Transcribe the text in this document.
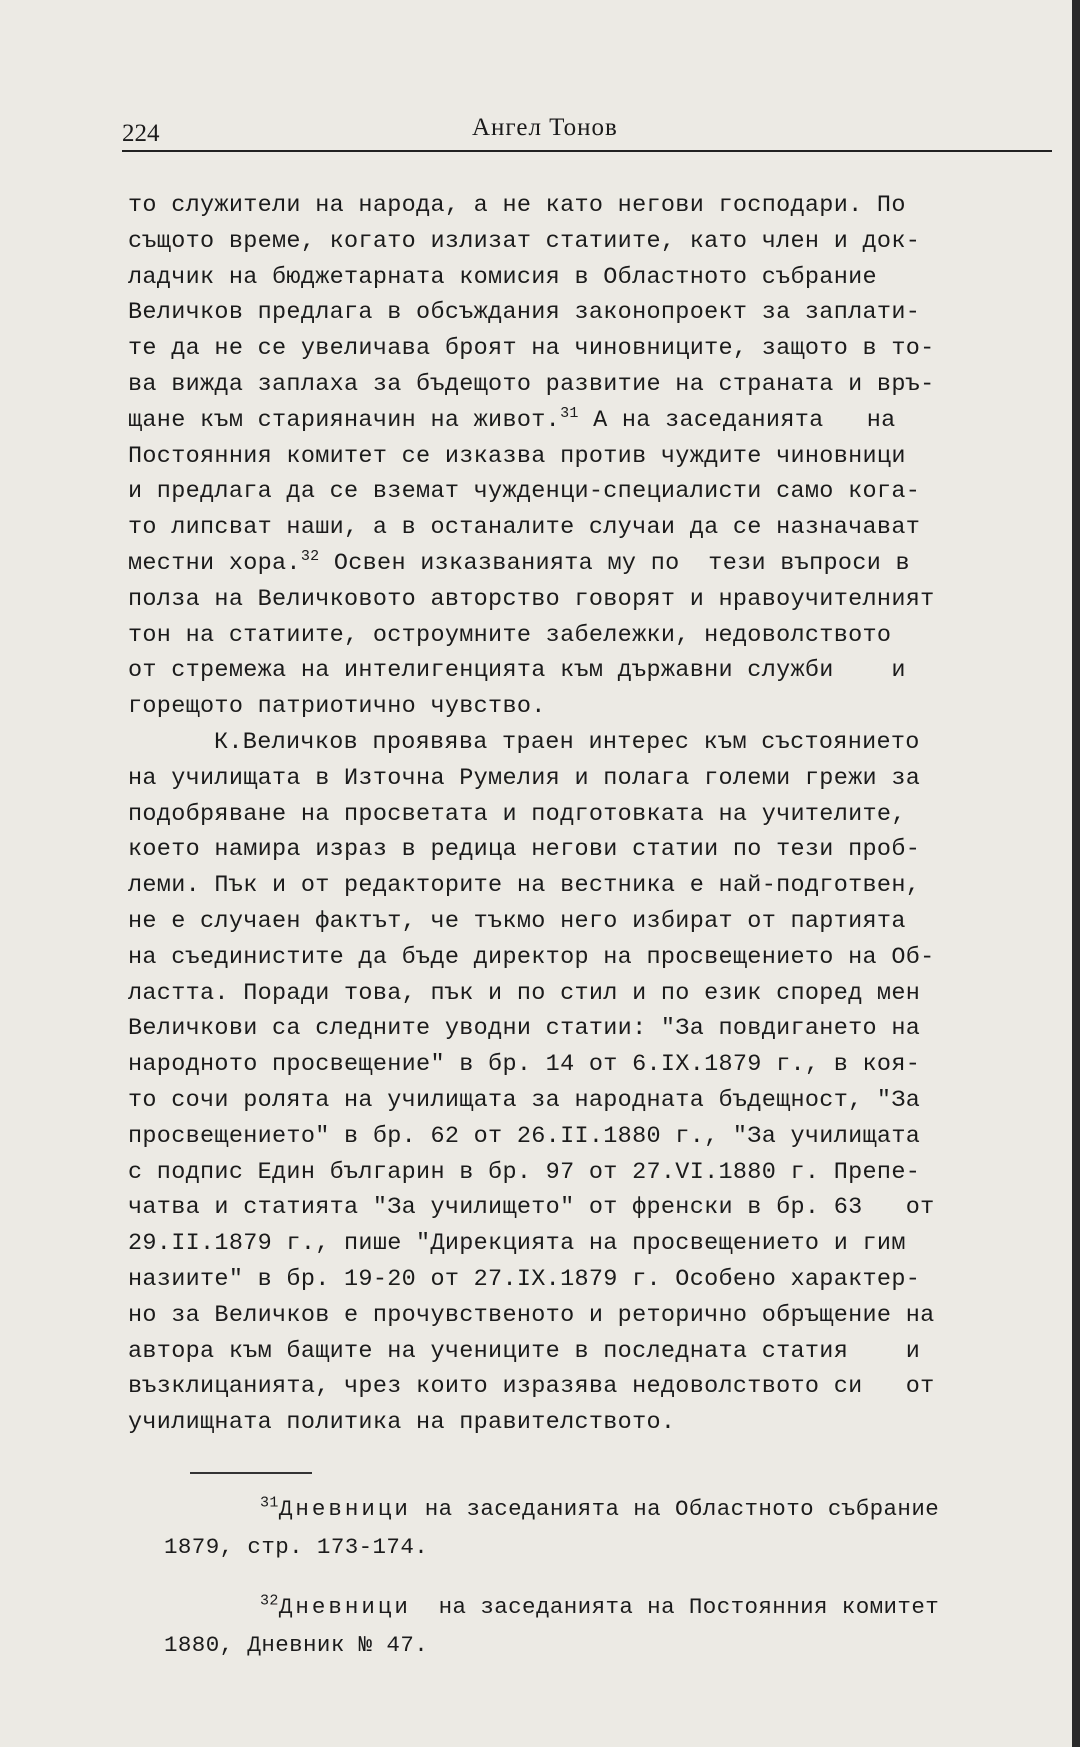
224	Ангел Тонов
то служители на народа, а не като негови господари. По
същото време, когато излизат статиите, като член и док-
ладчик на бюджетарната комисия в Областното събрание
Величков предлага в обсъждания законопроект за заплати-
те да не се увеличава броят на чиновниците, защото в то-
ва вижда заплаха за бъдещото развитие на страната и връ-
щане към старияначин на живот.$^{31}$ А на заседанията   на
Постоянния комитет се изказва против чуждите чиновници
и предлага да се вземат чужденци-специалисти само кога-
то липсват наши, а в останалите случаи да се назначават
местни хора.$^{32}$ Освен изказванията му по  тези въпроси в
полза на Величковото авторство говорят и нравоучителният
тон на статиите, остроумните забележки, недоволството
от стремежа на интелигенцията към държавни служби    и
горещото патриотично чувство.
К.Величков проявява траен интерес към състоянието
на училищата в Източна Румелия и полага големи грежи за
подобряване на просветата и подготовката на учителите,
което намира израз в редица негови статии по тези проб-
леми. Пък и от редакторите на вестника е най-подготвен,
не е случаен фактът, че тъкмо него избират от партията
на съединистите да бъде директор на просвещението на Об-
ластта. Поради това, пък и по стил и по език според мен
Величкови са следните уводни статии: "За повдигането на
народното просвещение" в бр. 14 от 6.IX.1879 г., в коя-
то сочи ролята на училищата за народната бъдещност, "За
просвещението" в бр. 62 от 26.II.1880 г., "За училищата
с подпис Един българин в бр. 97 от 27.VI.1880 г. Препе-
чатва и статията "За училището" от френски в бр. 63   от
29.II.1879 г., пише "Дирекцията на просвещението и гим
назиите" в бр. 19-20 от 27.IX.1879 г. Особено характер-
но за Величков е прочувственото и реторично обръщение на
автора към бащите на учениците в последната статия    и
възклицанията, чрез които изразява недоволството си   от
училищната политика на правителството.
$^{31}$Дневници на заседанията на Областното събрание
1879, стр. 173-174.
$^{32}$Дневници  на заседанията на Постоянния комитет
1880, Дневник № 47.
